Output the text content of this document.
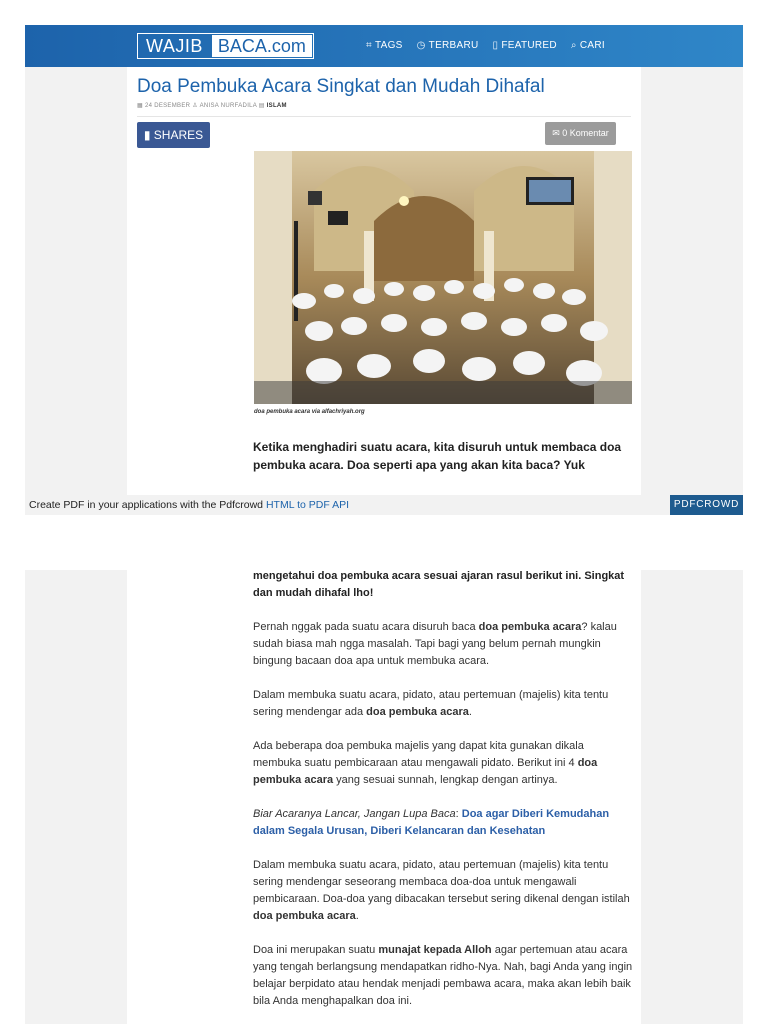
WAJIB BACA.com	⌗ TAGS ◷ TERBARU ▯ FEATURED ⌕ CARI
Doa Pembuka Acara Singkat dan Mudah Dihafal
▦ 24 DESEMBER ♙ ANISA NURFADILA ▤ ISLAM
▮ SHARES	✉ 0 Komentar
doa pembuka acara via alfachriyah.org

Ketika menghadiri suatu acara, kita disuruh untuk membaca doa pembuka acara. Doa seperti apa yang akan kita baca? Yuk

Create PDF in your applications with the Pdfcrowd HTML to PDF API	PDFCROWD

mengetahui doa pembuka acara sesuai ajaran rasul berikut ini. Singkat dan mudah dihafal lho!

Pernah nggak pada suatu acara disuruh baca doa pembuka acara? kalau sudah biasa mah ngga masalah. Tapi bagi yang belum pernah mungkin bingung bacaan doa apa untuk membuka acara.

Dalam membuka suatu acara, pidato, atau pertemuan (majelis) kita tentu sering mendengar ada doa pembuka acara.

Ada beberapa doa pembuka majelis yang dapat kita gunakan dikala membuka suatu pembicaraan atau mengawali pidato. Berikut ini 4 doa pembuka acara yang sesuai sunnah, lengkap dengan artinya.

Biar Acaranya Lancar, Jangan Lupa Baca: Doa agar Diberi Kemudahan dalam Segala Urusan, Diberi Kelancaran dan Kesehatan

Dalam membuka suatu acara, pidato, atau pertemuan (majelis) kita tentu sering mendengar seseorang membaca doa-doa untuk mengawali pembicaraan. Doa-doa yang dibacakan tersebut sering dikenal dengan istilah doa pembuka acara.

Doa ini merupakan suatu munajat kepada Alloh agar pertemuan atau acara yang tengah berlangsung mendapatkan ridho-Nya. Nah, bagi Anda yang ingin belajar berpidato atau hendak menjadi pembawa acara, maka akan lebih baik bila Anda menghapalkan doa ini.
